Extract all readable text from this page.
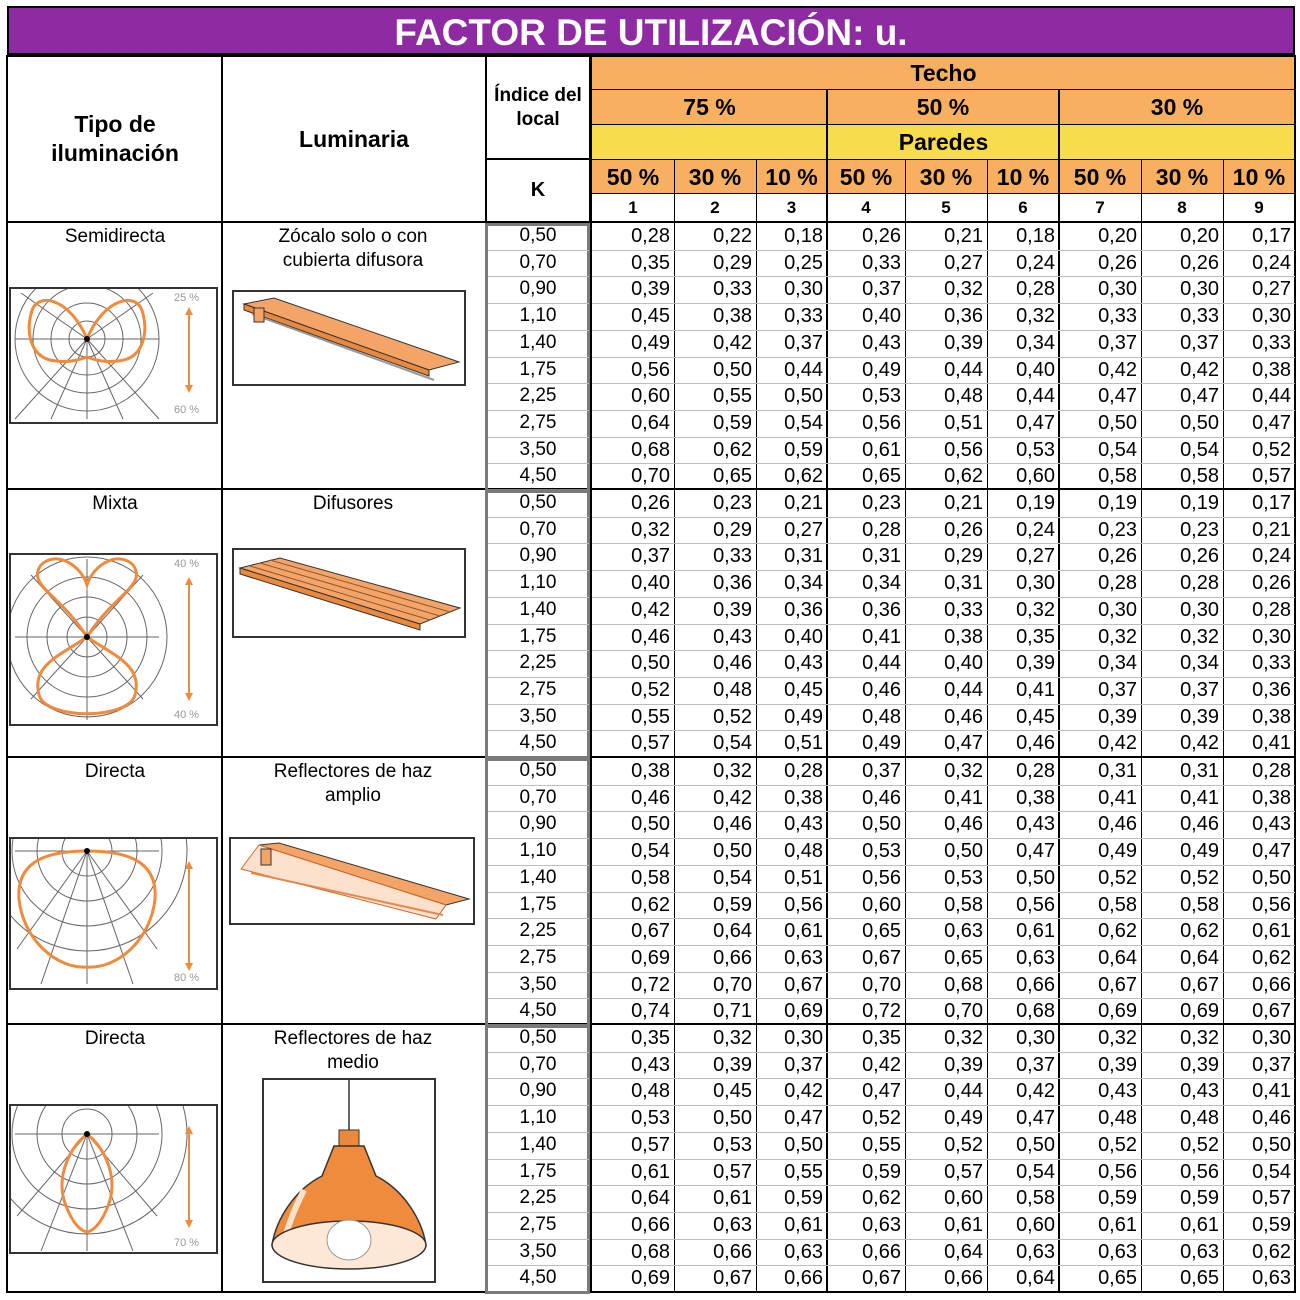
FACTOR DE UTILIZACIÓN: u.
Tipo de iluminación
Luminaria
Índice del local
K
Techo
75 %	50 %	30 %
Paredes
50 %	30 %	10 % 50 %	30 %	10 %	50 %	30 %	10 %
1	2	3	4	5	6	7	8	9
Semidirecta	Zócalo solo o con cubierta difusora
0,50	0,28	0,22	0,18	0,26	0,21	0,18	0,20	0,20	0,17
0,70	0,35	0,29	0,25	0,33	0,27	0,24	0,26	0,26	0,24
0,90	0,39	0,33	0,30	0,37	0,32	0,28	0,30	0,30	0,27
1,10	0,45	0,38	0,33	0,40	0,36	0,32	0,33	0,33	0,30
1,40	0,49	0,42	0,37	0,43	0,39	0,34	0,37	0,37	0,33
1,75	0,56	0,50	0,44	0,49	0,44	0,40	0,42	0,42	0,38
2,25	0,60	0,55	0,50	0,53	0,48	0,44	0,47	0,47	0,44
2,75	0,64	0,59	0,54	0,56	0,51	0,47	0,50	0,50	0,47
3,50	0,68	0,62	0,59	0,61	0,56	0,53	0,54	0,54	0,52
4,50	0,70	0,65	0,62	0,65	0,62	0,60	0,58	0,58	0,57
Mixta	Difusores	0,50	0,26	0,23	0,21	0,23	0,21	0,19	0,19	0,19	0,17
0,70	0,32	0,29	0,27	0,28	0,26	0,24	0,23	0,23	0,21
0,90	0,37	0,33	0,31	0,31	0,29	0,27	0,26	0,26	0,24
1,10	0,40	0,36	0,34	0,34	0,31	0,30	0,28	0,28	0,26
1,40	0,42	0,39	0,36	0,36	0,33	0,32	0,30	0,30	0,28
1,75	0,46	0,43	0,40	0,41	0,38	0,35	0,32	0,32	0,30
2,25	0,50	0,46	0,43	0,44	0,40	0,39	0,34	0,34	0,33
2,75	0,52	0,48	0,45	0,46	0,44	0,41	0,37	0,37	0,36
3,50	0,55	0,52	0,49	0,48	0,46	0,45	0,39	0,39	0,38
4,50	0,57	0,54	0,51	0,49	0,47	0,46	0,42	0,42	0,41
Directa	Reflectores de haz amplio
0,50	0,38	0,32	0,28	0,37	0,32	0,28	0,31	0,31	0,28
0,70	0,46	0,42	0,38	0,46	0,41	0,38	0,41	0,41	0,38
0,90	0,50	0,46	0,43	0,50	0,46	0,43	0,46	0,46	0,43
1,10	0,54	0,50	0,48	0,53	0,50	0,47	0,49	0,49	0,47
1,40	0,58	0,54	0,51	0,56	0,53	0,50	0,52	0,52	0,50
1,75	0,62	0,59	0,56	0,60	0,58	0,56	0,58	0,58	0,56
2,25	0,67	0,64	0,61	0,65	0,63	0,61	0,62	0,62	0,61
2,75	0,69	0,66	0,63	0,67	0,65	0,63	0,64	0,64	0,62
3,50	0,72	0,70	0,67	0,70	0,68	0,66	0,67	0,67	0,66
4,50	0,74	0,71	0,69	0,72	0,70	0,68	0,69	0,69	0,67
Directa	Reflectores de haz medio
0,50	0,35	0,32	0,30	0,35	0,32	0,30	0,32	0,32	0,30
0,70	0,43	0,39	0,37	0,42	0,39	0,37	0,39	0,39	0,37
0,90	0,48	0,45	0,42	0,47	0,44	0,42	0,43	0,43	0,41
1,10	0,53	0,50	0,47	0,52	0,49	0,47	0,48	0,48	0,46
1,40	0,57	0,53	0,50	0,55	0,52	0,50	0,52	0,52	0,50
1,75	0,61	0,57	0,55	0,59	0,57	0,54	0,56	0,56	0,54
2,25	0,64	0,61	0,59	0,62	0,60	0,58	0,59	0,59	0,57
2,75	0,66	0,63	0,61	0,63	0,61	0,60	0,61	0,61	0,59
3,50	0,68	0,66	0,63	0,66	0,64	0,63	0,63	0,63	0,62
4,50	0,69	0,67	0,66	0,67	0,66	0,64	0,65	0,65	0,63
25 %
60 %
40 %
40 %
80 %
70 %
